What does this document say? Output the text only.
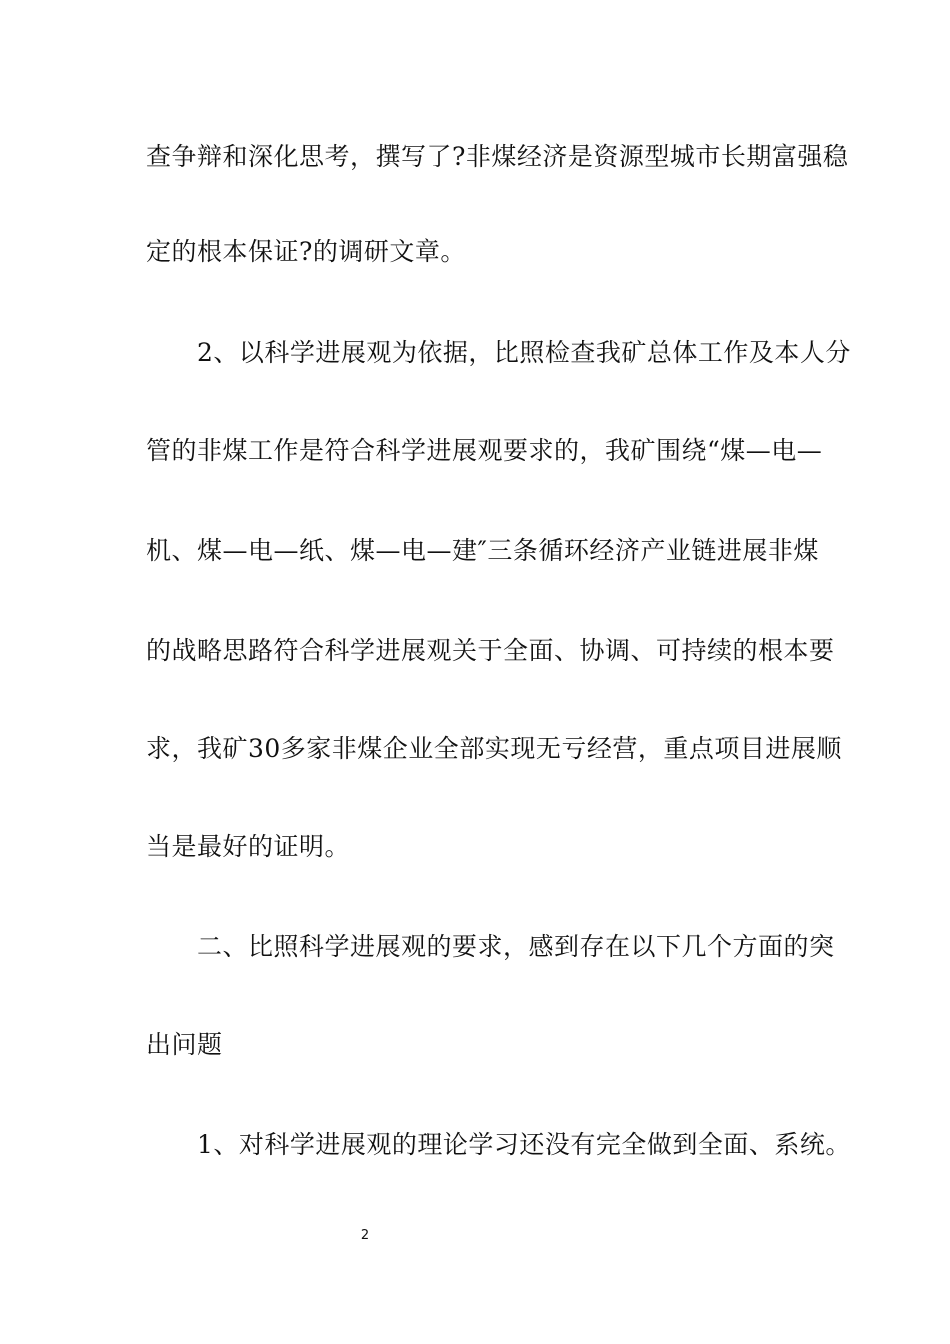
查争辩和深化思考，撰写了?非煤经济是资源型城市长期富强稳
定的根本保证?的调研文章。
　　2、以科学进展观为依据，比照检查我矿总体工作及本人分
管的非煤工作是符合科学进展观要求的，我矿围绕“煤—电—
机、煤—电—纸、煤—电—建″三条循环经济产业链进展非煤
的战略思路符合科学进展观关于全面、协调、可持续的根本要
求，我矿30多家非煤企业全部实现无亏经营，重点项目进展顺
当是最好的证明。
　　二、比照科学进展观的要求，感到存在以下几个方面的突
出问题
　　1、对科学进展观的理论学习还没有完全做到全面、系统。
2
